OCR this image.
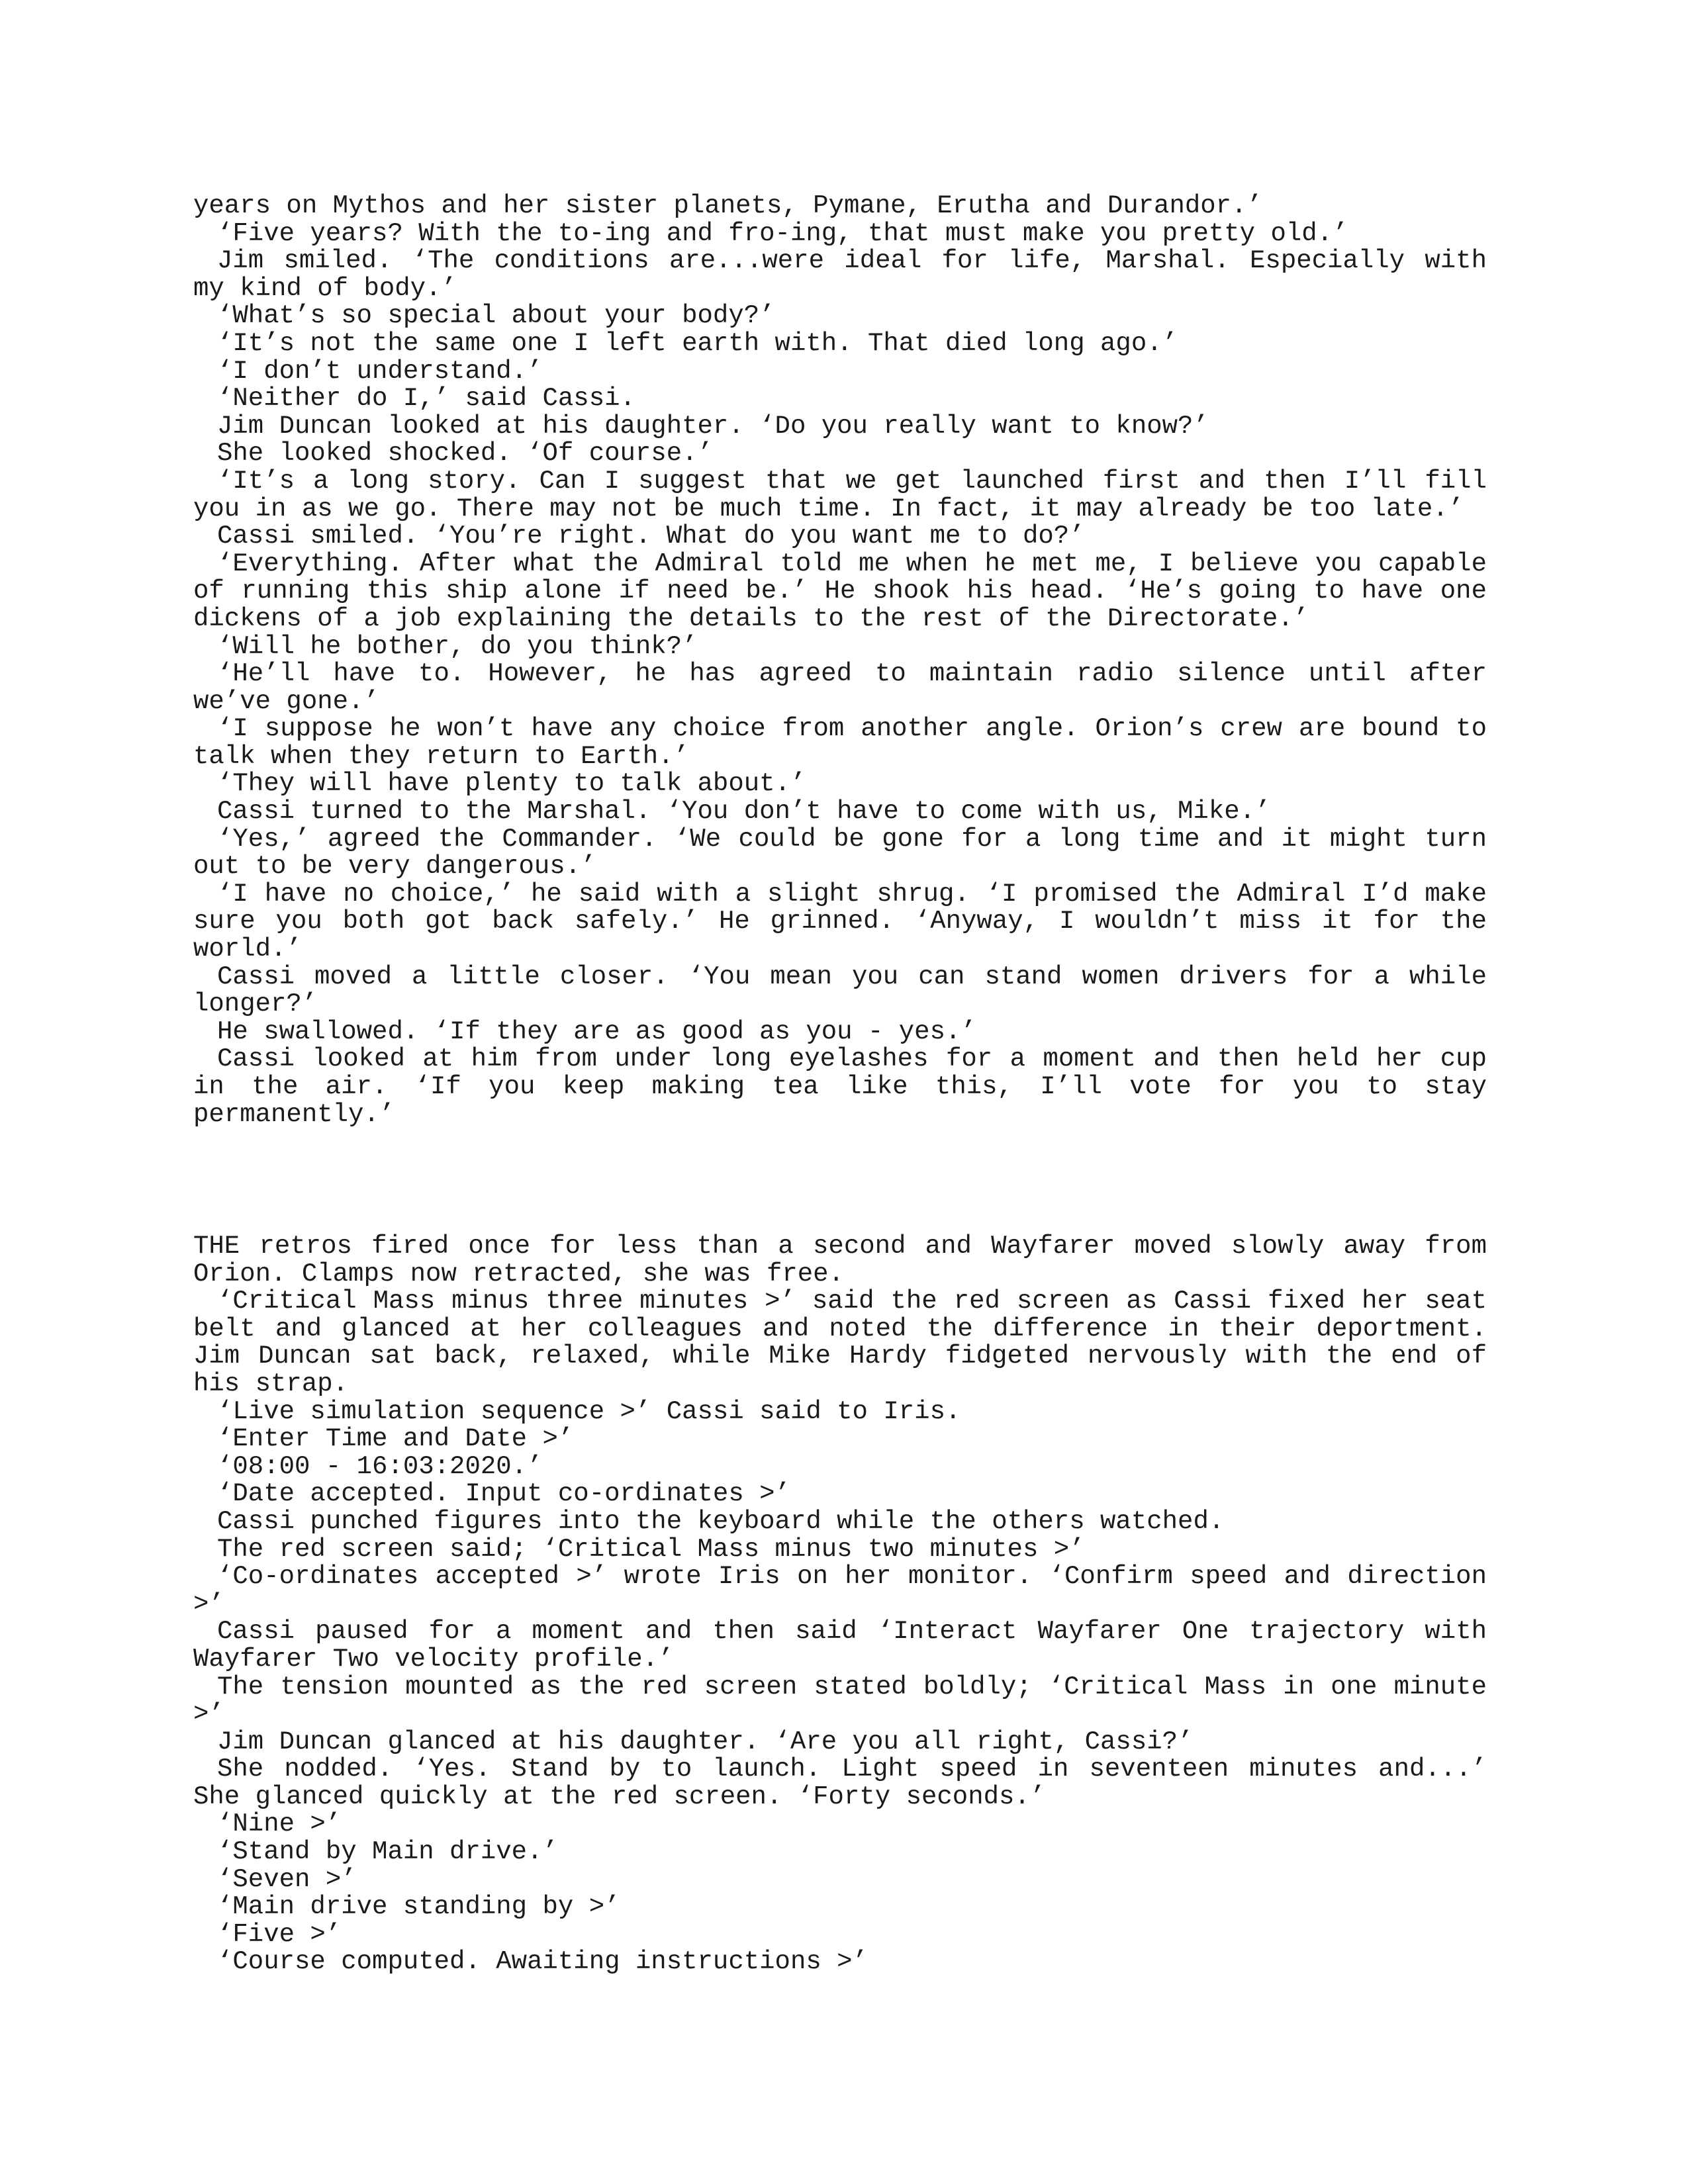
years on Mythos and her sister planets, Pymane, Erutha and Durandor.’

‘Five years? With the to-ing and fro-ing, that must make you pretty old.’

Jim smiled. ‘The conditions are...were ideal for life, Marshal. Especially with my kind of body.’

‘What’s so special about your body?’

‘It’s not the same one I left earth with. That died long ago.’

‘I don’t understand.’

‘Neither do I,’ said Cassi.

Jim Duncan looked at his daughter. ‘Do you really want to know?’

She looked shocked. ‘Of course.’

‘It’s a long story. Can I suggest that we get launched first and then I’ll fill you in as we go. There may not be much time. In fact, it may already be too late.’

Cassi smiled. ‘You’re right. What do you want me to do?’

‘Everything. After what the Admiral told me when he met me, I believe you capable of running this ship alone if need be.’ He shook his head. ‘He’s going to have one dickens of a job explaining the details to the rest of the Directorate.’

‘Will he bother, do you think?’

‘He’ll have to. However, he has agreed to maintain radio silence until after we’ve gone.’

‘I suppose he won’t have any choice from another angle. Orion’s crew are bound to talk when they return to Earth.’

‘They will have plenty to talk about.’

Cassi turned to the Marshal. ‘You don’t have to come with us, Mike.’

‘Yes,’ agreed the Commander. ‘We could be gone for a long time and it might turn out to be very dangerous.’

‘I have no choice,’ he said with a slight shrug. ‘I promised the Admiral I’d make sure you both got back safely.’ He grinned. ‘Anyway, I wouldn’t miss it for the world.’

Cassi moved a little closer. ‘You mean you can stand women drivers for a while longer?’

He swallowed. ‘If they are as good as you - yes.’

Cassi looked at him from under long eyelashes for a moment and then held her cup in the air. ‘If you keep making tea like this, I’ll vote for you to stay permanently.’

THE retros fired once for less than a second and Wayfarer moved slowly away from Orion. Clamps now retracted, she was free.

‘Critical Mass minus three minutes >’ said the red screen as Cassi fixed her seat belt and glanced at her colleagues and noted the difference in their deportment. Jim Duncan sat back, relaxed, while Mike Hardy fidgeted nervously with the end of his strap.

‘Live simulation sequence >’ Cassi said to Iris.

‘Enter Time and Date >’

‘08:00 - 16:03:2020.’

‘Date accepted. Input co-ordinates >’

Cassi punched figures into the keyboard while the others watched.

The red screen said; ‘Critical Mass minus two minutes >’

‘Co-ordinates accepted >’ wrote Iris on her monitor. ‘Confirm speed and direction >’

Cassi paused for a moment and then said ‘Interact Wayfarer One trajectory with Wayfarer Two velocity profile.’

The tension mounted as the red screen stated boldly; ‘Critical Mass in one minute >’

Jim Duncan glanced at his daughter. ‘Are you all right, Cassi?’

She nodded. ‘Yes. Stand by to launch. Light speed in seventeen minutes and...’ She glanced quickly at the red screen. ‘Forty seconds.’

‘Nine >’

‘Stand by Main drive.’

‘Seven >’

‘Main drive standing by >’

‘Five >’

‘Course computed. Awaiting instructions >’
